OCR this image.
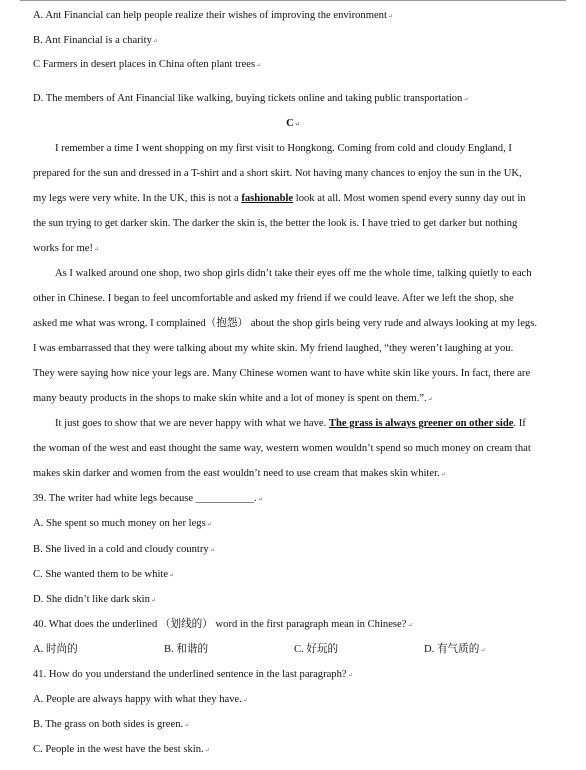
A. Ant Financial can help people realize their wishes of improving the environment↵
B. Ant Financial is a charity↵
C Farmers in desert places in China often plant trees↵
D. The members of Ant Financial like walking, buying tickets online and taking public transportation↵
C↵
I remember a time I went shopping on my first visit to Hongkong. Coming from cold and cloudy England, I
prepared for the sun and dressed in a T-shirt and a short skirt. Not having many chances to enjoy the sun in the UK,
my legs were very white. In the UK, this is not a fashionable look at all. Most women spend every sunny day out in
the sun trying to get darker skin. The darker the skin is, the better the look is. I have tried to get darker but nothing
works for me!↵
As I walked around one shop, two shop girls didn’t take their eyes off me the whole time, talking quietly to each
other in Chinese. I began to feel uncomfortable and asked my friend if we could leave. After we left the shop, she
asked me what was wrong. I complained（抱怨） about the shop girls being very rude and always looking at my legs.
I was embarrassed that they were talking about my white skin. My friend laughed, “they weren’t laughing at you.
They were saying how nice your legs are. Many Chinese women want to have white skin like yours. In fact, there are
many beauty products in the shops to make skin white and a lot of money is spent on them.”.↵
It just goes to show that we are never happy with what we have. The grass is always greener on other side. If
the woman of the west and east thought the same way, western women wouldn’t spend so much money on cream that
makes skin darker and women from the east wouldn’t need to use cream that makes skin whiter.↵
39. The writer had white legs because ___________.↵
A. She spent so much money on her legs↵
B. She lived in a cold and cloudy country↵
C. She wanted them to be white↵
D. She didn’t like dark skin↵
40. What does the underlined （划线的） word in the first paragraph mean in Chinese?↵
A. 时尚的	B. 和谐的	C. 好玩的	D. 有气质的↵
41. How do you understand the underlined sentence in the last paragraph?↵
A. People are always happy with what they have.↵
B. The grass on both sides is green.↵
C. People in the west have the best skin.↵
